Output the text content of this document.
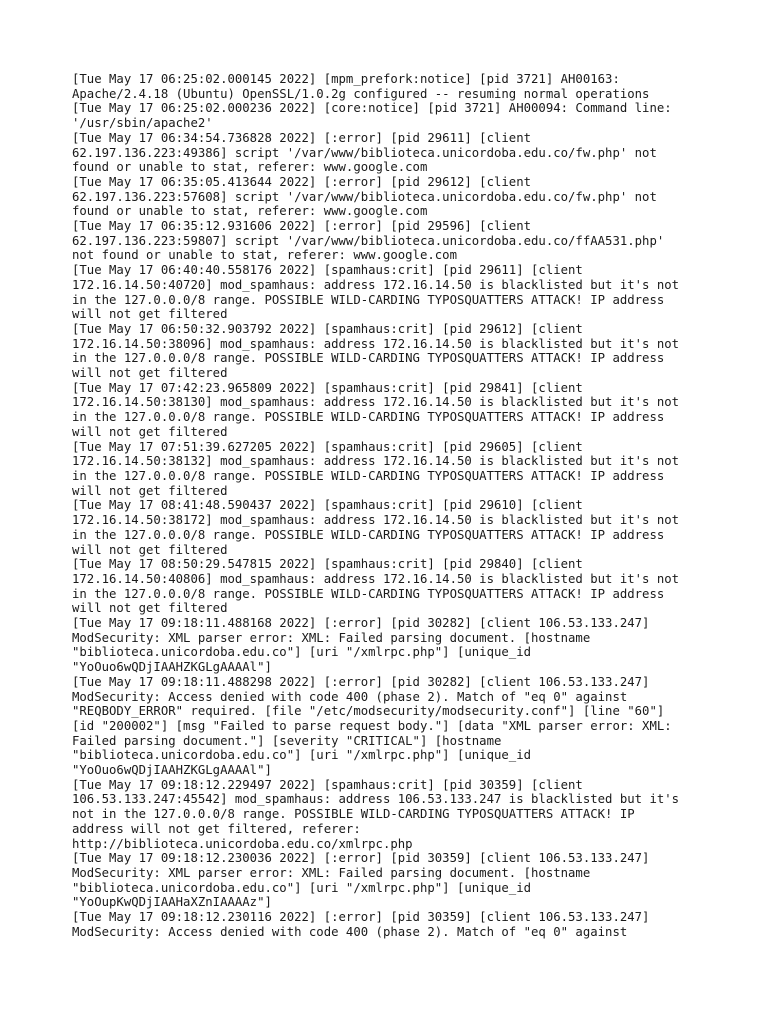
[Tue May 17 06:25:02.000145 2022] [mpm_prefork:notice] [pid 3721] AH00163:

Apache/2.4.18 (Ubuntu) OpenSSL/1.0.2g configured -- resuming normal operations

[Tue May 17 06:25:02.000236 2022] [core:notice] [pid 3721] AH00094: Command line:

'/usr/sbin/apache2'

[Tue May 17 06:34:54.736828 2022] [:error] [pid 29611] [client

62.197.136.223:49386] script '/var/www/biblioteca.unicordoba.edu.co/fw.php' not

found or unable to stat, referer: www.google.com

[Tue May 17 06:35:05.413644 2022] [:error] [pid 29612] [client

62.197.136.223:57608] script '/var/www/biblioteca.unicordoba.edu.co/fw.php' not

found or unable to stat, referer: www.google.com

[Tue May 17 06:35:12.931606 2022] [:error] [pid 29596] [client

62.197.136.223:59807] script '/var/www/biblioteca.unicordoba.edu.co/ffAA531.php'

not found or unable to stat, referer: www.google.com

[Tue May 17 06:40:40.558176 2022] [spamhaus:crit] [pid 29611] [client

172.16.14.50:40720] mod_spamhaus: address 172.16.14.50 is blacklisted but it's not

in the 127.0.0.0/8 range. POSSIBLE WILD-CARDING TYPOSQUATTERS ATTACK! IP address

will not get filtered

[Tue May 17 06:50:32.903792 2022] [spamhaus:crit] [pid 29612] [client

172.16.14.50:38096] mod_spamhaus: address 172.16.14.50 is blacklisted but it's not

in the 127.0.0.0/8 range. POSSIBLE WILD-CARDING TYPOSQUATTERS ATTACK! IP address

will not get filtered

[Tue May 17 07:42:23.965809 2022] [spamhaus:crit] [pid 29841] [client

172.16.14.50:38130] mod_spamhaus: address 172.16.14.50 is blacklisted but it's not

in the 127.0.0.0/8 range. POSSIBLE WILD-CARDING TYPOSQUATTERS ATTACK! IP address

will not get filtered

[Tue May 17 07:51:39.627205 2022] [spamhaus:crit] [pid 29605] [client

172.16.14.50:38132] mod_spamhaus: address 172.16.14.50 is blacklisted but it's not

in the 127.0.0.0/8 range. POSSIBLE WILD-CARDING TYPOSQUATTERS ATTACK! IP address

will not get filtered

[Tue May 17 08:41:48.590437 2022] [spamhaus:crit] [pid 29610] [client

172.16.14.50:38172] mod_spamhaus: address 172.16.14.50 is blacklisted but it's not

in the 127.0.0.0/8 range. POSSIBLE WILD-CARDING TYPOSQUATTERS ATTACK! IP address

will not get filtered

[Tue May 17 08:50:29.547815 2022] [spamhaus:crit] [pid 29840] [client

172.16.14.50:40806] mod_spamhaus: address 172.16.14.50 is blacklisted but it's not

in the 127.0.0.0/8 range. POSSIBLE WILD-CARDING TYPOSQUATTERS ATTACK! IP address

will not get filtered

[Tue May 17 09:18:11.488168 2022] [:error] [pid 30282] [client 106.53.133.247]

ModSecurity: XML parser error: XML: Failed parsing document. [hostname

"biblioteca.unicordoba.edu.co"] [uri "/xmlrpc.php"] [unique_id

"YoOuo6wQDjIAAHZKGLgAAAAl"]

[Tue May 17 09:18:11.488298 2022] [:error] [pid 30282] [client 106.53.133.247]

ModSecurity: Access denied with code 400 (phase 2). Match of "eq 0" against

"REQBODY_ERROR" required. [file "/etc/modsecurity/modsecurity.conf"] [line "60"]

[id "200002"] [msg "Failed to parse request body."] [data "XML parser error: XML:

Failed parsing document."] [severity "CRITICAL"] [hostname

"biblioteca.unicordoba.edu.co"] [uri "/xmlrpc.php"] [unique_id

"YoOuo6wQDjIAAHZKGLgAAAAl"]

[Tue May 17 09:18:12.229497 2022] [spamhaus:crit] [pid 30359] [client

106.53.133.247:45542] mod_spamhaus: address 106.53.133.247 is blacklisted but it's

not in the 127.0.0.0/8 range. POSSIBLE WILD-CARDING TYPOSQUATTERS ATTACK! IP

address will not get filtered, referer:

http://biblioteca.unicordoba.edu.co/xmlrpc.php

[Tue May 17 09:18:12.230036 2022] [:error] [pid 30359] [client 106.53.133.247]

ModSecurity: XML parser error: XML: Failed parsing document. [hostname

"biblioteca.unicordoba.edu.co"] [uri "/xmlrpc.php"] [unique_id

"YoOupKwQDjIAAHaXZnIAAAAz"]

[Tue May 17 09:18:12.230116 2022] [:error] [pid 30359] [client 106.53.133.247]

ModSecurity: Access denied with code 400 (phase 2). Match of "eq 0" against
